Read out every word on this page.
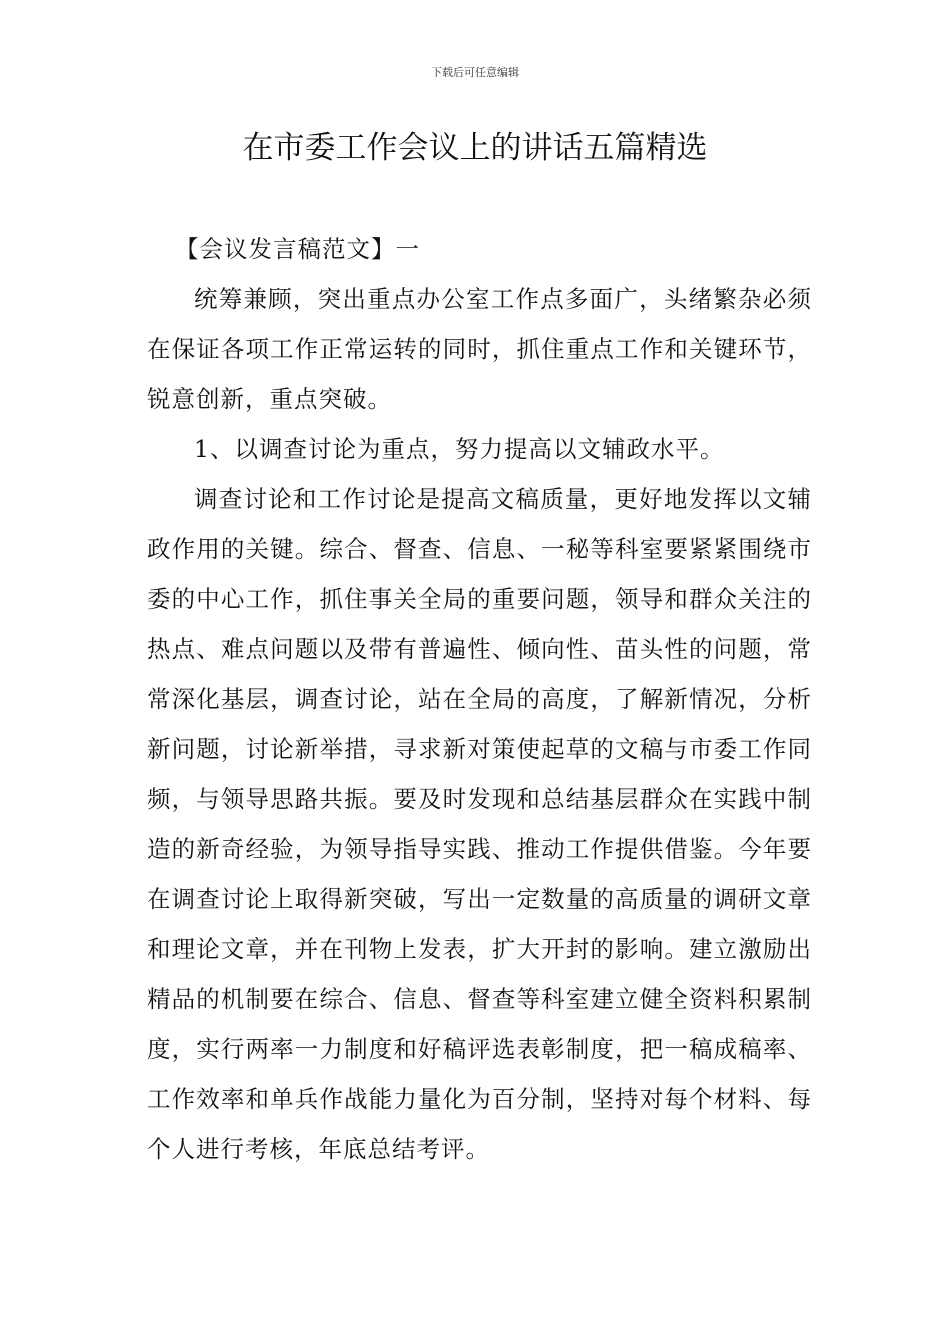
下载后可任意编辑
在市委工作会议上的讲话五篇精选

【会议发言稿范文】一

统筹兼顾，突出重点办公室工作点多面广，头绪繁杂必须在保证各项工作正常运转的同时，抓住重点工作和关键环节，锐意创新，重点突破。

1、以调查讨论为重点，努力提高以文辅政水平。

调查讨论和工作讨论是提高文稿质量，更好地发挥以文辅政作用的关键。综合、督查、信息、一秘等科室要紧紧围绕市委的中心工作，抓住事关全局的重要问题，领导和群众关注的热点、难点问题以及带有普遍性、倾向性、苗头性的问题，常常深化基层，调查讨论，站在全局的高度，了解新情况，分析新问题，讨论新举措，寻求新对策使起草的文稿与市委工作同频，与领导思路共振。要及时发现和总结基层群众在实践中制造的新奇经验，为领导指导实践、推动工作提供借鉴。今年要在调查讨论上取得新突破，写出一定数量的高质量的调研文章和理论文章，并在刊物上发表，扩大开封的影响。建立激励出精品的机制要在综合、信息、督查等科室建立健全资料积累制度，实行两率一力制度和好稿评选表彰制度，把一稿成稿率、工作效率和单兵作战能力量化为百分制，坚持对每个材料、每个人进行考核，年底总结考评。
